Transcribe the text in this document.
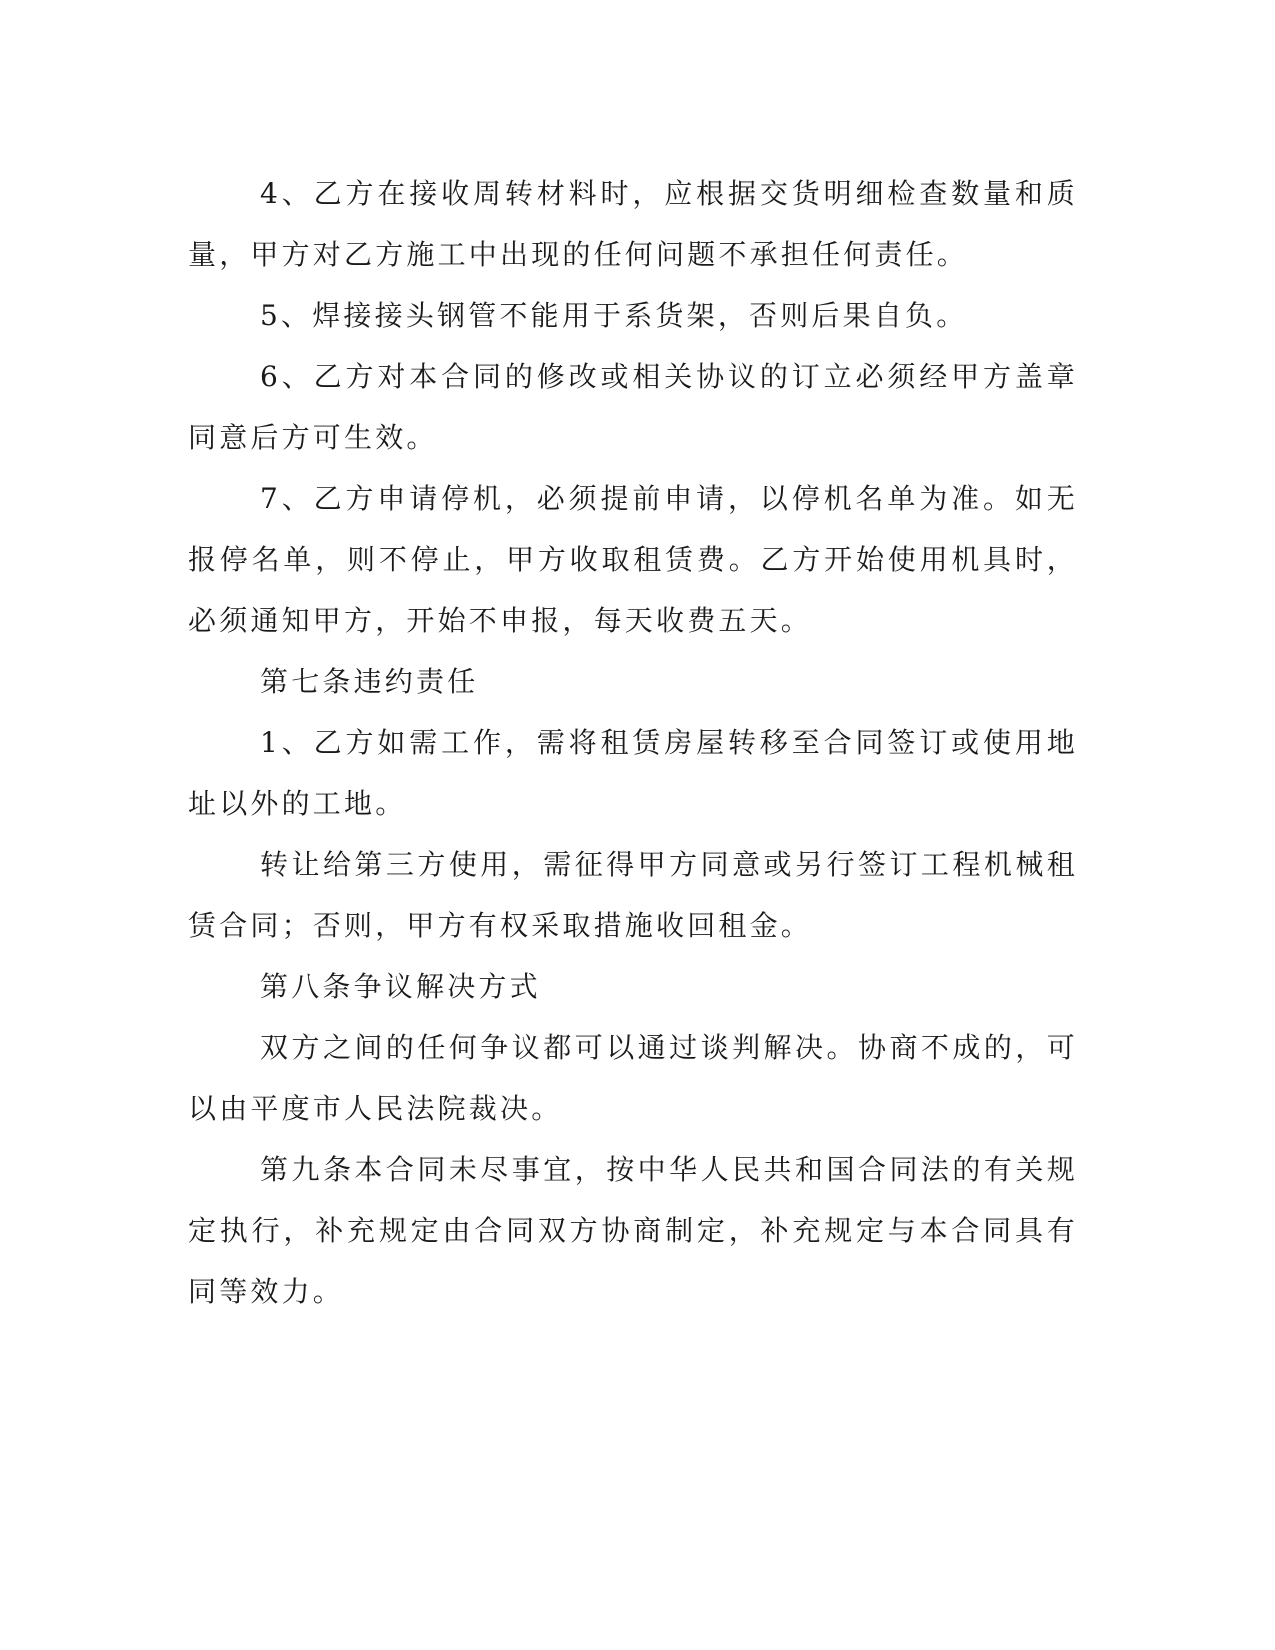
4、乙方在接收周转材料时，应根据交货明细检查数量和质量，甲方对乙方施工中出现的任何问题不承担任何责任。

5、焊接接头钢管不能用于系货架，否则后果自负。

6、乙方对本合同的修改或相关协议的订立必须经甲方盖章同意后方可生效。

7、乙方申请停机，必须提前申请，以停机名单为准。如无报停名单，则不停止，甲方收取租赁费。乙方开始使用机具时，必须通知甲方，开始不申报，每天收费五天。

第七条违约责任

1、乙方如需工作，需将租赁房屋转移至合同签订或使用地址以外的工地。

转让给第三方使用，需征得甲方同意或另行签订工程机械租赁合同；否则，甲方有权采取措施收回租金。

第八条争议解决方式

双方之间的任何争议都可以通过谈判解决。协商不成的，可以由平度市人民法院裁决。

第九条本合同未尽事宜，按中华人民共和国合同法的有关规定执行，补充规定由合同双方协商制定，补充规定与本合同具有同等效力。
